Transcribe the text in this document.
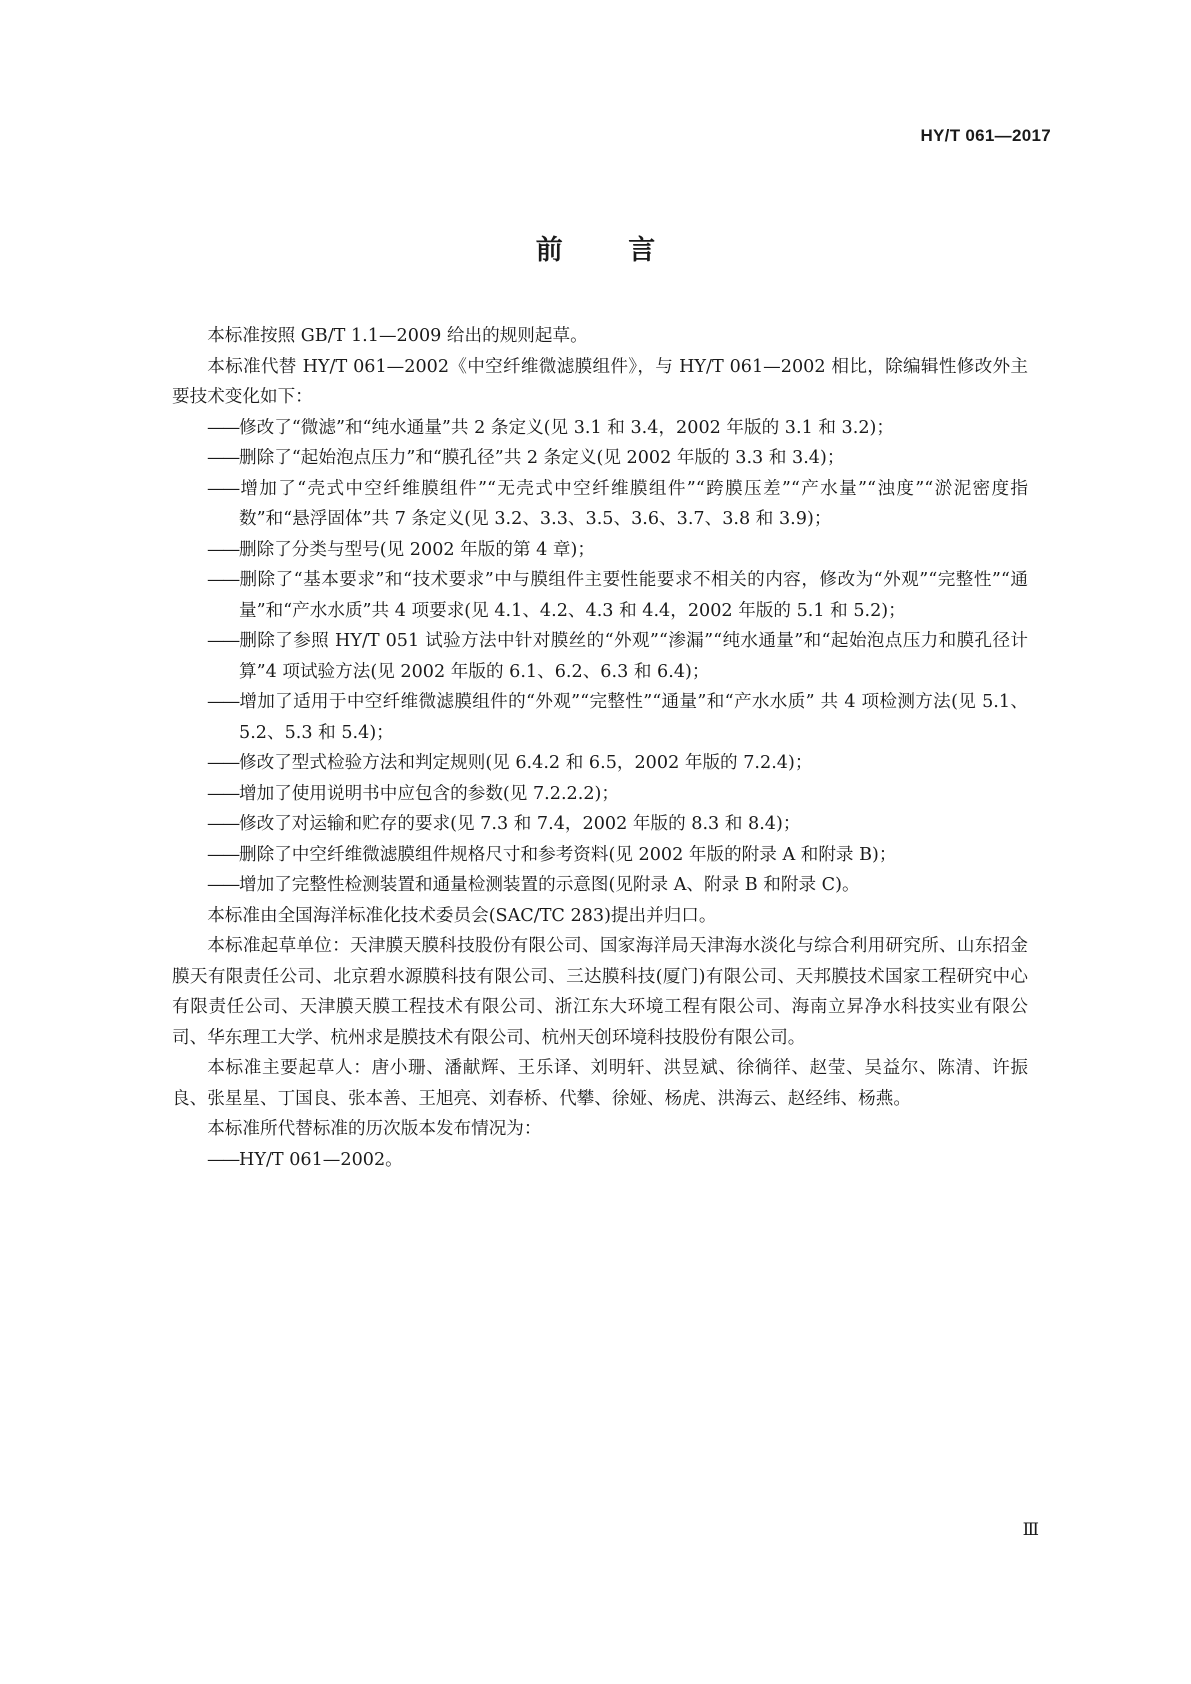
HY/T 061—2017
前 言

本标准按照 GB/T 1.1—2009 给出的规则起草。

本标准代替 HY/T 061—2002《中空纤维微滤膜组件》，与 HY/T 061—2002 相比，除编辑性修改外主要技术变化如下：

——修改了“微滤”和“纯水通量”共 2 条定义(见 3.1 和 3.4，2002 年版的 3.1 和 3.2)；
——删除了“起始泡点压力”和“膜孔径”共 2 条定义(见 2002 年版的 3.3 和 3.4)；
——增加了“壳式中空纤维膜组件”“无壳式中空纤维膜组件”“跨膜压差”“产水量”“浊度”“淤泥密度指数”和“悬浮固体”共 7 条定义(见 3.2、3.3、3.5、3.6、3.7、3.8 和 3.9)；
——删除了分类与型号(见 2002 年版的第 4 章)；
——删除了“基本要求”和“技术要求”中与膜组件主要性能要求不相关的内容，修改为“外观”“完整性”“通量”和“产水水质”共 4 项要求(见 4.1、4.2、4.3 和 4.4，2002 年版的 5.1 和 5.2)；
——删除了参照 HY/T 051 试验方法中针对膜丝的“外观”“渗漏”“纯水通量”和“起始泡点压力和膜孔径计算”4 项试验方法(见 2002 年版的 6.1、6.2、6.3 和 6.4)；
——增加了适用于中空纤维微滤膜组件的“外观”“完整性”“通量”和“产水水质” 共 4 项检测方法(见 5.1、5.2、5.3 和 5.4)；
——修改了型式检验方法和判定规则(见 6.4.2 和 6.5，2002 年版的 7.2.4)；
——增加了使用说明书中应包含的参数(见 7.2.2.2)；
——修改了对运输和贮存的要求(见 7.3 和 7.4，2002 年版的 8.3 和 8.4)；
——删除了中空纤维微滤膜组件规格尺寸和参考资料(见 2002 年版的附录 A 和附录 B)；
——增加了完整性检测装置和通量检测装置的示意图(见附录 A、附录 B 和附录 C)。

本标准由全国海洋标准化技术委员会(SAC/TC 283)提出并归口。

本标准起草单位：天津膜天膜科技股份有限公司、国家海洋局天津海水淡化与综合利用研究所、山东招金膜天有限责任公司、北京碧水源膜科技有限公司、三达膜科技(厦门)有限公司、天邦膜技术国家工程研究中心有限责任公司、天津膜天膜工程技术有限公司、浙江东大环境工程有限公司、海南立昇净水科技实业有限公司、华东理工大学、杭州求是膜技术有限公司、杭州天创环境科技股份有限公司。

本标准主要起草人：唐小珊、潘献辉、王乐译、刘明轩、洪昱斌、徐徜徉、赵莹、吴益尔、陈清、许振良、张星星、丁国良、张本善、王旭亮、刘春桥、代攀、徐娅、杨虎、洪海云、赵经纬、杨燕。

本标准所代替标准的历次版本发布情况为：

——HY/T 061—2002。
Ⅲ
